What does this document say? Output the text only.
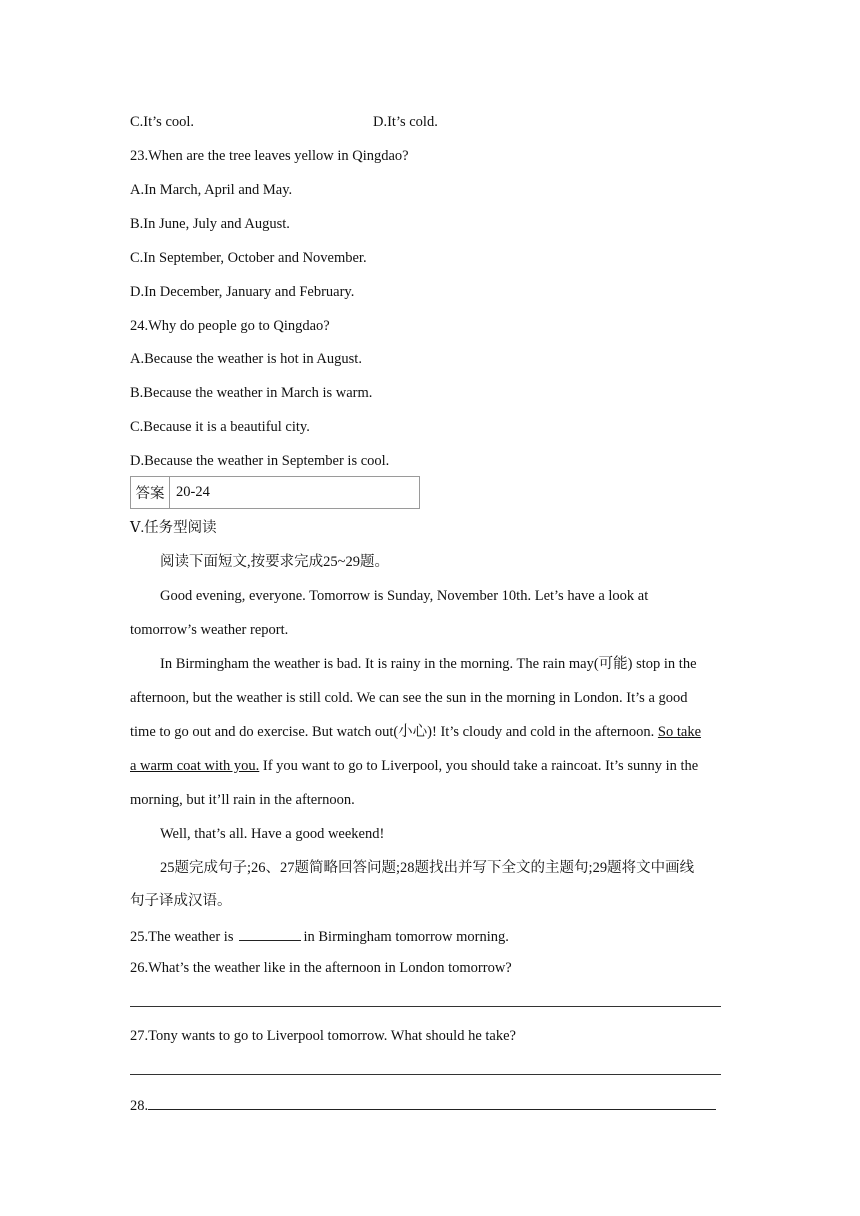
C.It’s cool.	D.It’s cold.
23.When are the tree leaves yellow in Qingdao?
A.In March, April and May.
B.In June, July and August.
C.In September, October and November.
D.In December, January and February.
24.Why do people go to Qingdao?
A.Because the weather is hot in August.
B.Because the weather in March is warm.
C.Because it is a beautiful city.
D.Because the weather in September is cool.
答案 20-24
Ⅴ.任务型阅读
阅读下面短文,按要求完成25~29题。
Good evening, everyone. Tomorrow is Sunday, November 10th. Let’s have a look at
tomorrow’s weather report.
In Birmingham the weather is bad. It is rainy in the morning. The rain may(可能) stop in the
afternoon, but the weather is still cold. We can see the sun in the morning in London. It’s a good
time to go out and do exercise. But watch out(小心)! It’s cloudy and cold in the afternoon. So take
a warm coat with you. If you want to go to Liverpool, you should take a raincoat. It’s sunny in the
morning, but it’ll rain in the afternoon.
Well, that’s all. Have a good weekend!
25题完成句子;26、27题简略回答问题;28题找出并写下全文的主题句;29题将文中画线
句子译成汉语。
25.The weather is	in Birmingham tomorrow morning.
26.What’s the weather like in the afternoon in London tomorrow?
27.Tony wants to go to Liverpool tomorrow. What should he take?
28.
